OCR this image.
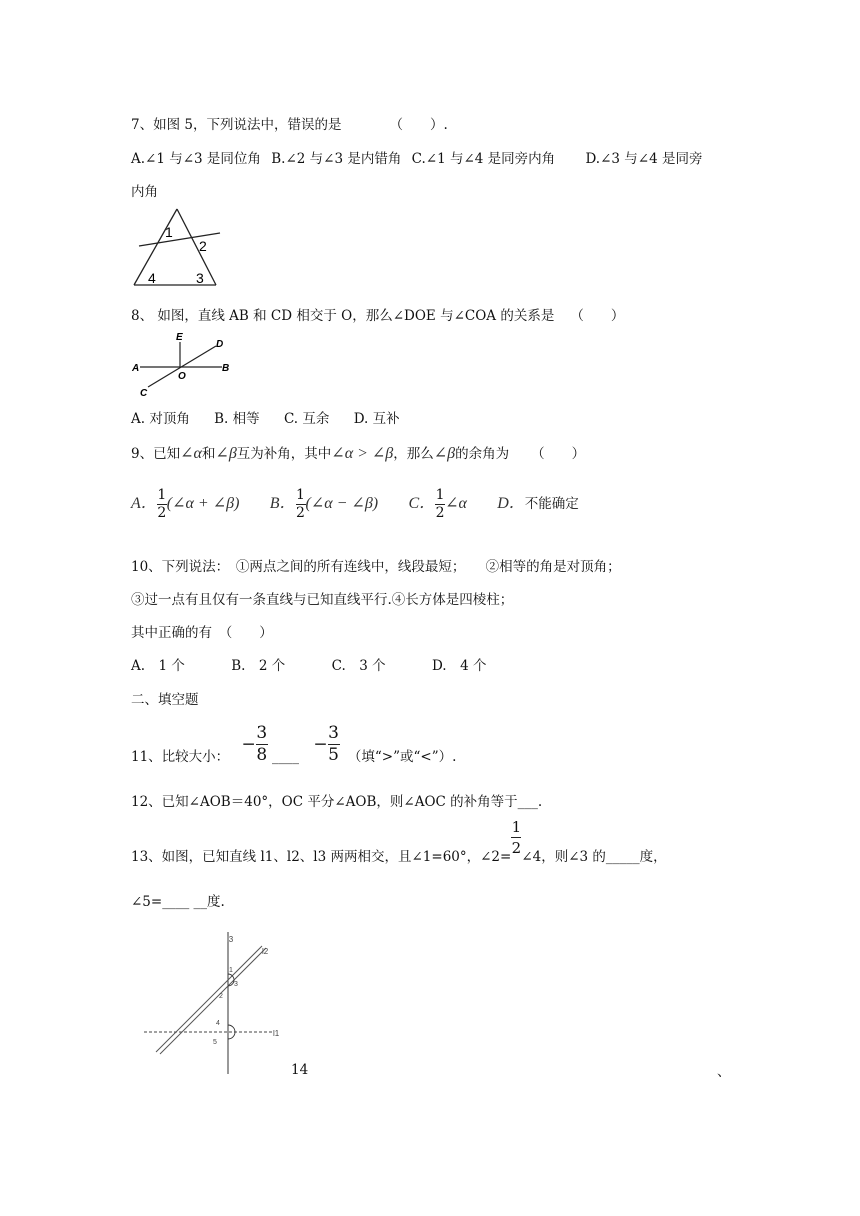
7、如图 5，下列说法中，错误的是	（　　）.
A.∠1 与∠3 是同位角 B.∠2 与∠3 是内错角 C.∠1 与∠4 是同旁内角 D.∠3 与∠4 是同旁
内角
1
2
4	3
8、 如图，直线 AB 和 CD 相交于 O，那么∠DOE 与∠COA 的关系是 （　　）
E
D
A
O
B
C
A. 对顶角 B. 相等 C. 互余 D. 互补
9、已知∠α和∠β互为补角，其中∠α > ∠β，那么∠β的余角为 （　　）
A． $\frac{1}{2}$ (∠α + ∠β) B． $\frac{1}{2}$ (∠α − ∠β) C． $\frac{1}{2}$ ∠α D．不能确定
10、下列说法：　①两点之间的所有连线中，线段最短；　　②相等的角是对顶角；
③过一点有且仅有一条直线与已知直线平行.④长方体是四棱柱；
其中正确的有　（　　）
A.　1 个	B.　2 个	C.　3 个	D.　4 个
二、填空题
11、比较大小： − $\frac{3}{8}$ ____ − $\frac{3}{5}$ （填“>”或“<”）.
12、已知∠AOB＝40°，OC 平分∠AOB，则∠AOC 的补角等于___.
13、如图，已知直线 l1、l2、l3 两两相交，且∠1=60°，∠2= $\frac{1}{2}$ ∠4，则∠3 的_____度，
∠5=____ __度.
l3
l2
1
3
2
4
5
l1
14	、
